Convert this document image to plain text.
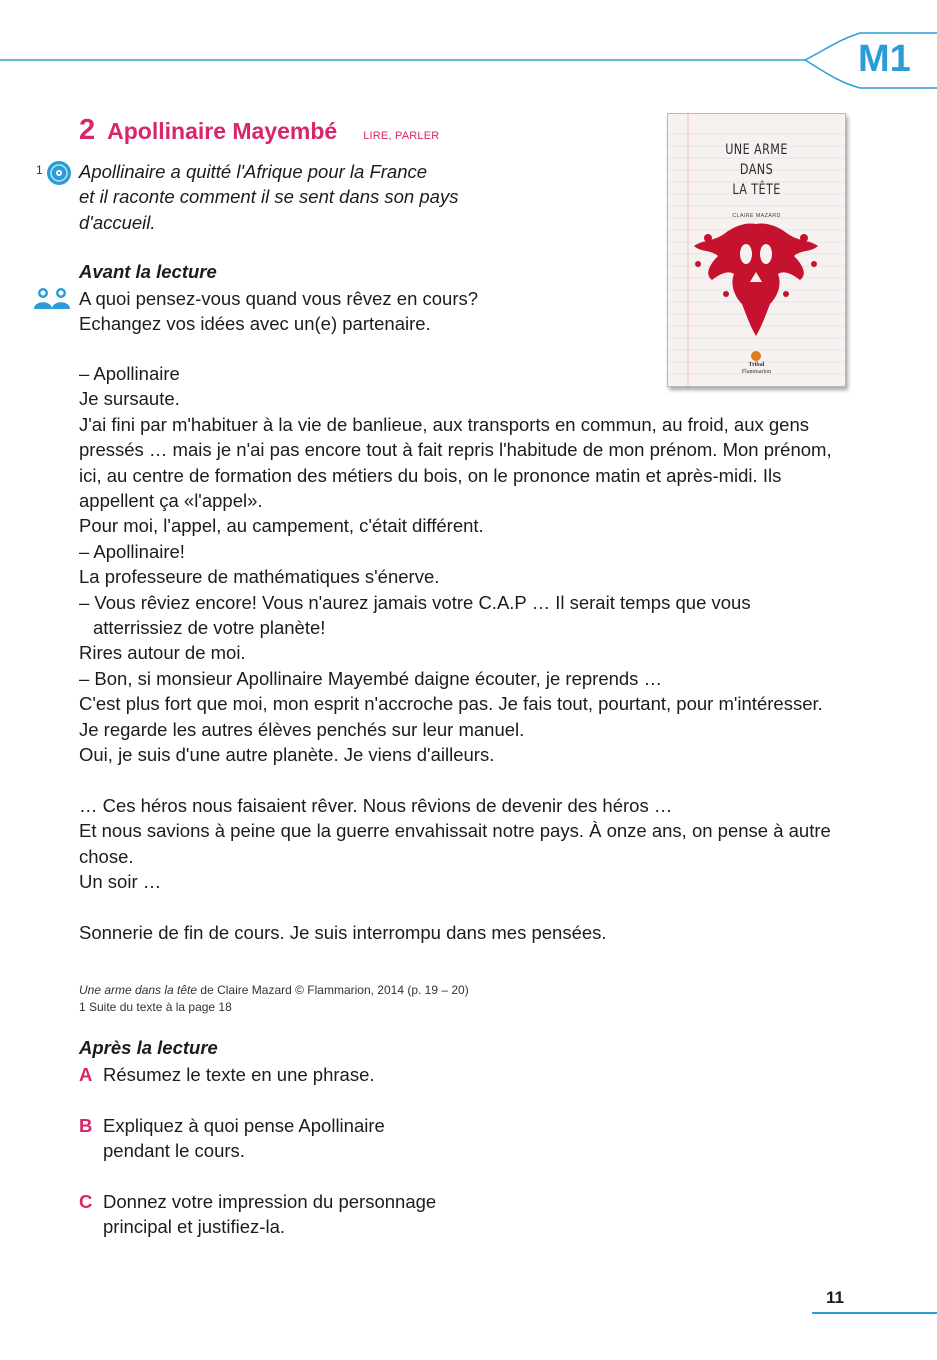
M1
2 Apollinaire Mayembé LIRE, PARLER
1 Apollinaire a quitté l'Afrique pour la France
et il raconte comment il se sent dans son pays
d'accueil.
Avant la lecture
A quoi pensez-vous quand vous rêvez en cours?
Echangez vos idées avec un(e) partenaire.
UNE ARME
DANS
LA TÊTE
CLAIRE MAZARD
Tribal
Flammarion

– Apollinaire

Je sursaute.

J'ai fini par m'habituer à la vie de banlieue, aux transports en commun, au froid, aux gens pressés … mais je n'ai pas encore tout à fait repris l'habitude de mon prénom. Mon prénom, ici, au centre de formation des métiers du bois, on le prononce matin et après-midi. Ils appellent ça «l'appel».

Pour moi, l'appel, au campement, c'était différent.

– Apollinaire!

La professeure de mathématiques s'énerve.

– Vous rêviez encore! Vous n'aurez jamais votre C.A.P … Il serait temps que vous atterrissiez de votre planète!

Rires autour de moi.

– Bon, si monsieur Apollinaire Mayembé daigne écouter, je reprends …

C'est plus fort que moi, mon esprit n'accroche pas. Je fais tout, pourtant, pour m'intéresser.

Je regarde les autres élèves penchés sur leur manuel.

Oui, je suis d'une autre planète. Je viens d'ailleurs.

… Ces héros nous faisaient rêver. Nous rêvions de devenir des héros …

Et nous savions à peine que la guerre envahissait notre pays. À onze ans, on pense à autre chose.

Un soir …

Sonnerie de fin de cours. Je suis interrompu dans mes pensées.

Une arme dans la tête de Claire Mazard © Flammarion, 2014 (p. 19 – 20)
1 Suite du texte à la page 18
Après la lecture
A Résumez le texte en une phrase.
B Expliquez à quoi pense Apollinaire
pendant le cours.
C Donnez votre impression du personnage
principal et justifiez-la.
11
